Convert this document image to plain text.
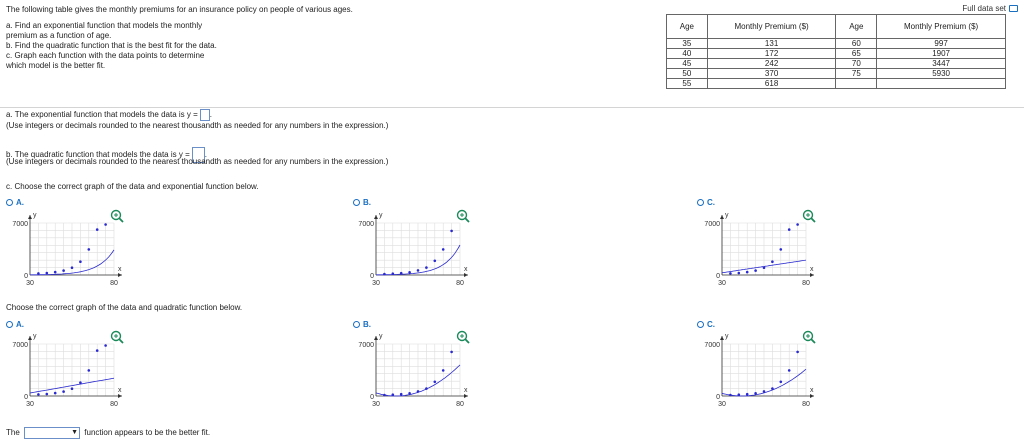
The following table gives the monthly premiums for an insurance policy on people of various ages.	Full data set
a. Find an exponential function that models the monthly
premium as a function of age.
b. Find the quadratic function that is the best fit for the data.
c. Graph each function with the data points to determine
which model is the better fit.
Age	Monthly Premium ($)	Age	Monthly Premium ($)
35	131	60	997
40	172	65	1907
45	242	70	3447
50	370	75	5930
55	618		
a. The exponential function that models the data is y = .
(Use integers or decimals rounded to the nearest thousandth as needed for any numbers in the expression.)
b. The quadratic function that models the data is y = .
(Use integers or decimals rounded to the nearest thousandth as needed for any numbers in the expression.)
c. Choose the correct graph of the data and exponential function below.
A.	B.	C.
Choose the correct graph of the data and quadratic function below.
A.	B.	C.
7000
0
30	80
x
y
7000
0
30	80
x
y
7000
0
30	80
x
y
7000
0
30	80
x
y
7000
0
30	80
x
y
7000
0
30	80
x
y
The	▼ function appears to be the better fit.
